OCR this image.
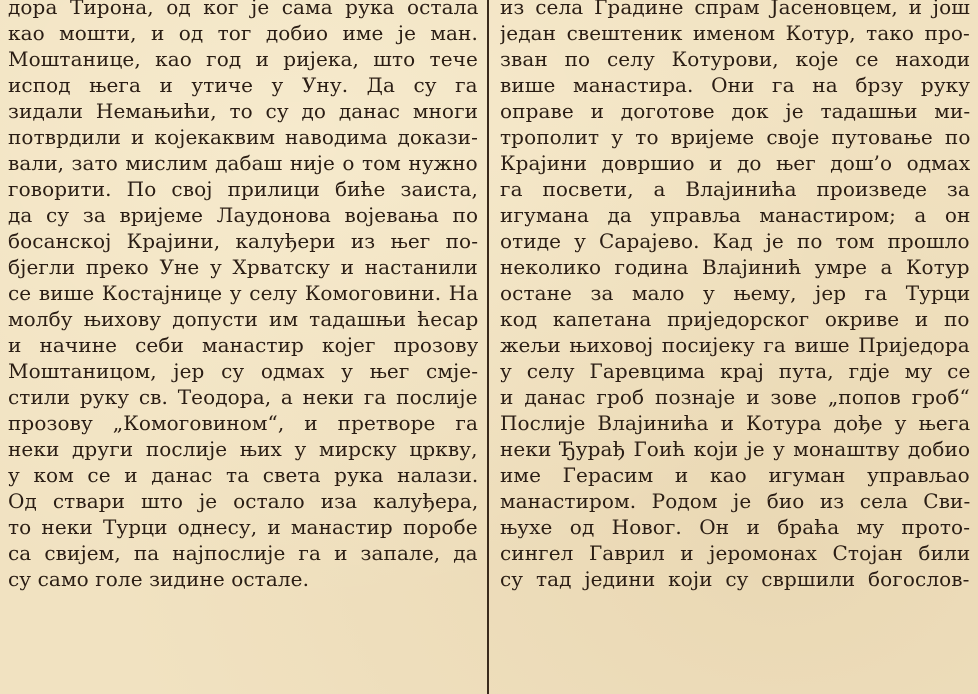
дора Тирона, од ког је сама рука остала
као мошти, и од тог добио име је ман.
Моштанице, као год и ријека, што тече
испод њега и утиче у Уну. Да су га
зидали Немањићи, то су до данас многи
потврдили и којекаквим наводима докази-
вали, зато мислим дабаш није о том нужно
говорити. По свој прилици биће заиста,
да су за вријеме Лаудонова војевања по
босанској Крајини, калуђери из њег по-
бјегли преко Уне у Хрватску и настанили
се више Костајнице у селу Комоговини. На
молбу њихову допусти им тадашњи ћесар
и начине себи манастир којег прозову
Моштаницом, јер су одмах у њег смје-
стили руку св. Теодора, а неки га послије
прозову „Комоговином“, и претворе га
неки други послије њих у мирску цркву,
у ком се и данас та света рука налази.
Од ствари што је остало иза калуђера,
то неки Турци однесу, и манастир поробе
са свијем, па најпослије га и запале, да
су само голе зидине остале.
из села Градине спрам Јасеновцем, и још
један свештеник именом Котур, тако про-
зван по селу Котурови, које се находи
више манастира. Они га на брзу руку
оправе и доготове док је тадашњи ми-
трополит у то вријеме своје путовање по
Крајини довршио и до њег дош’о одмах
га посвети, а Влајинића произведе за
игумана да управља манастиром; а он
отиде у Сарајево. Кад је по том прошло
неколико година Влајинић умре а Котур
остане за мало у њему, јер га Турци
код капетана приједорског окриве и по
жељи њиховој посијеку га више Приједора
у селу Гаревцима крај пута, гдје му се
и данас гроб познаје и зове „попов гроб“
Послије Влајинића и Котура дође у њега
неки Ђурађ Гоић који је у монаштву добио
име Герасим и као игуман управљао
манастиром. Родом је био из села Сви-
њухе од Новог. Он и браћа му прото-
сингел Гаврил и јеромонах Стојан били
су тад једини који су свршили богослов-
